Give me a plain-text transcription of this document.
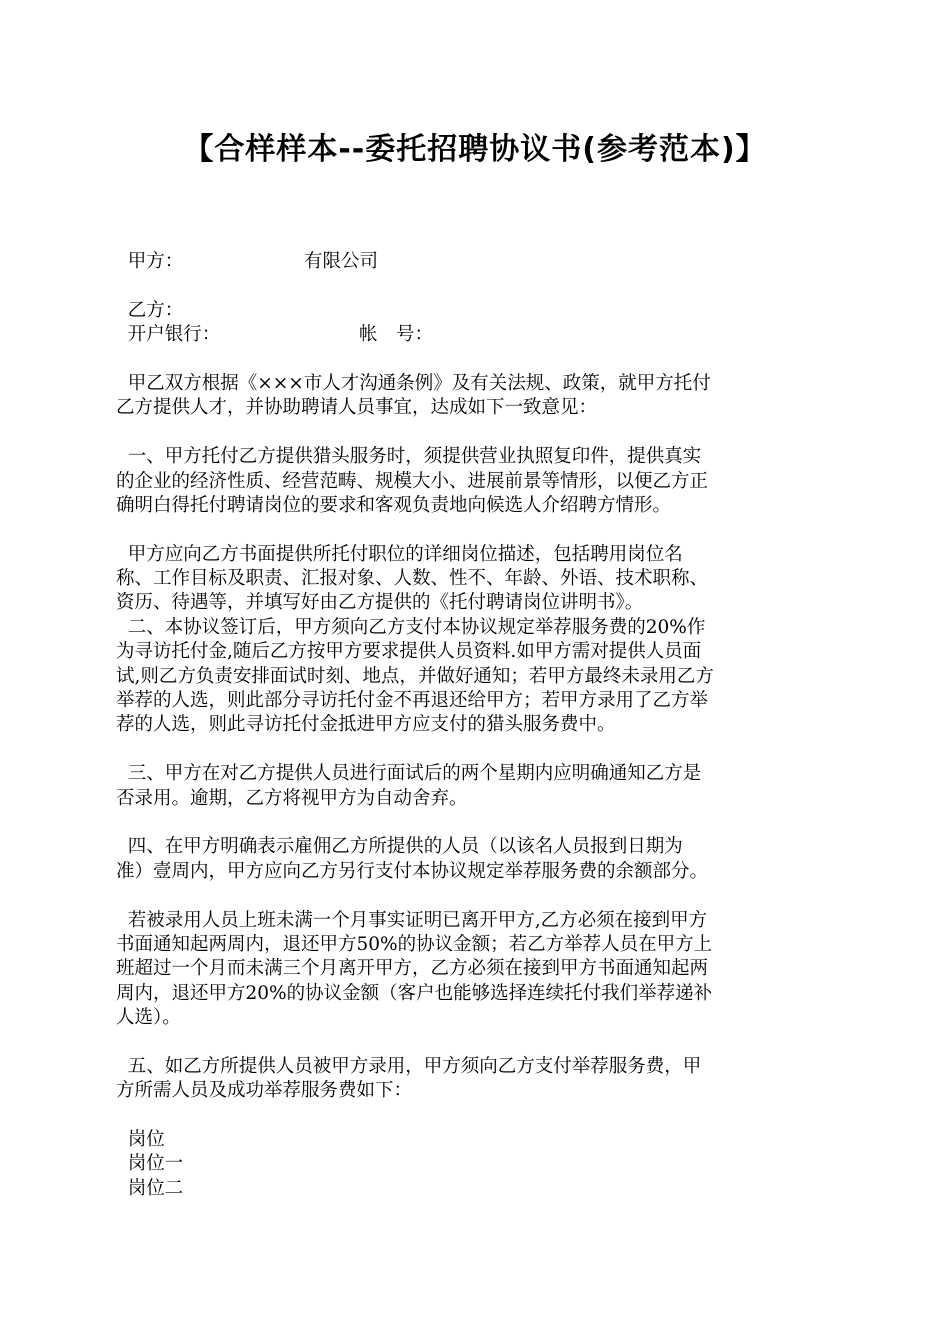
【合样样本--委托招聘协议书(参考范本)】
甲方：	有限公司
乙方：
开户银行：	帐　号：
甲乙双方根据《×××市人才沟通条例》及有关法规、政策，就甲方托付
乙方提供人才，并协助聘请人员事宜，达成如下一致意见：
一、甲方托付乙方提供猎头服务时，须提供营业执照复印件，提供真实
的企业的经济性质、经营范畴、规模大小、进展前景等情形，以便乙方正
确明白得托付聘请岗位的要求和客观负责地向候选人介绍聘方情形。
甲方应向乙方书面提供所托付职位的详细岗位描述，包括聘用岗位名
称、工作目标及职责、汇报对象、人数、性不、年龄、外语、技术职称、
资历、待遇等，并填写好由乙方提供的《托付聘请岗位讲明书》。
二、本协议签订后，甲方须向乙方支付本协议规定举荐服务费的20%作
为寻访托付金,随后乙方按甲方要求提供人员资料.如甲方需对提供人员面
试,则乙方负责安排面试时刻、地点，并做好通知；若甲方最终未录用乙方
举荐的人选，则此部分寻访托付金不再退还给甲方；若甲方录用了乙方举
荐的人选，则此寻访托付金抵进甲方应支付的猎头服务费中。
三、甲方在对乙方提供人员进行面试后的两个星期内应明确通知乙方是
否录用。逾期，乙方将视甲方为自动舍弃。
四、在甲方明确表示雇佣乙方所提供的人员（以该名人员报到日期为
准）壹周内，甲方应向乙方另行支付本协议规定举荐服务费的余额部分。
若被录用人员上班未满一个月事实证明已离开甲方,乙方必须在接到甲方
书面通知起两周内，退还甲方50%的协议金额；若乙方举荐人员在甲方上
班超过一个月而未满三个月离开甲方，乙方必须在接到甲方书面通知起两
周内，退还甲方20%的协议金额（客户也能够选择连续托付我们举荐递补
人选）。
五、如乙方所提供人员被甲方录用，甲方须向乙方支付举荐服务费，甲
方所需人员及成功举荐服务费如下：
岗位
岗位一
岗位二
